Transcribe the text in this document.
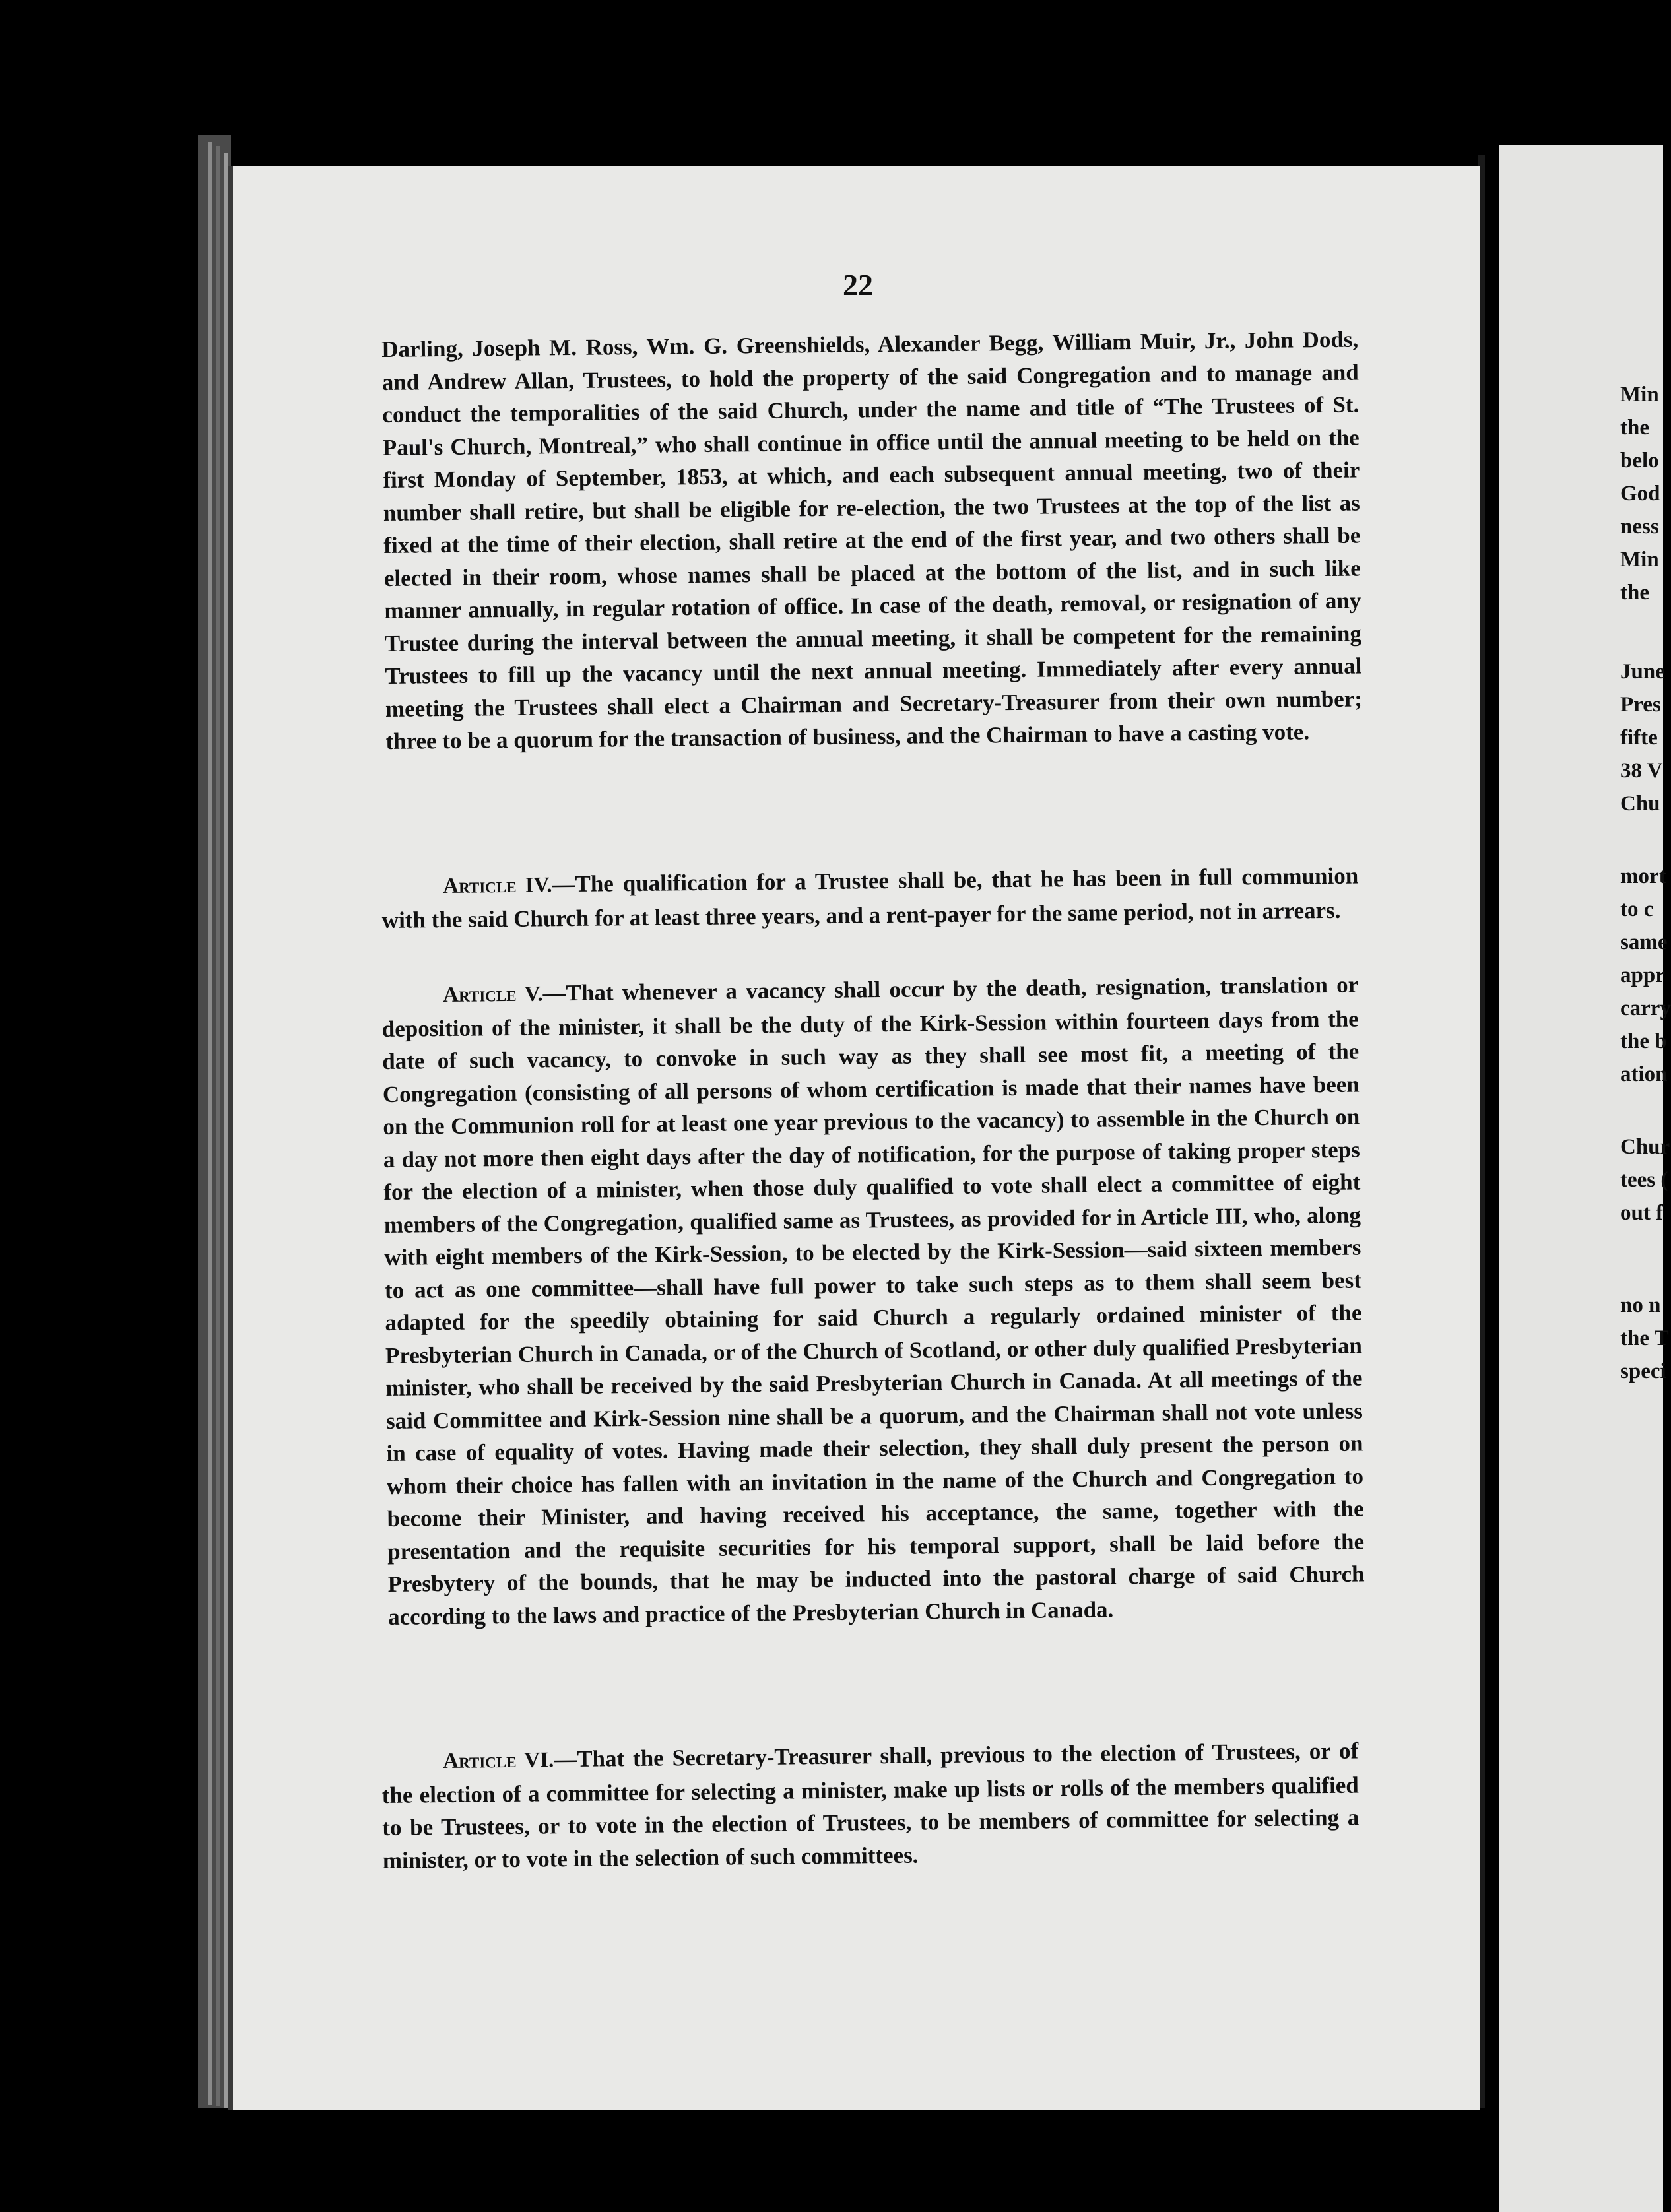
22

Darling, Joseph M. Ross, Wm. G. Greenshields, Alexander Begg, William Muir, Jr., John Dods, and Andrew Allan, Trustees, to hold the property of the said Congregation and to manage and conduct the temporalities of the said Church, under the name and title of “The Trustees of St. Paul's Church, Montreal,” who shall continue in office until the annual meeting to be held on the first Monday of September, 1853, at which, and each subsequent annual meeting, two of their number shall retire, but shall be eligible for re-election, the two Trustees at the top of the list as fixed at the time of their election, shall retire at the end of the first year, and two others shall be elected in their room, whose names shall be placed at the bottom of the list, and in such like manner annually, in regular rotation of office. In case of the death, removal, or resignation of any Trustee during the interval between the annual meeting, it shall be competent for the remaining Trustees to fill up the vacancy until the next annual meeting. Immediately after every annual meeting the Trustees shall elect a Chairman and Secretary-Treasurer from their own number; three to be a quorum for the transaction of business, and the Chairman to have a casting vote.

Article IV.—The qualification for a Trustee shall be, that he has been in full communion with the said Church for at least three years, and a rent-payer for the same period, not in arrears.

Article V.—That whenever a vacancy shall occur by the death, resignation, translation or deposition of the minister, it shall be the duty of the Kirk-Session within fourteen days from the date of such vacancy, to convoke in such way as they shall see most fit, a meeting of the Congregation (consisting of all persons of whom certification is made that their names have been on the Communion roll for at least one year previous to the vacancy) to assemble in the Church on a day not more then eight days after the day of notification, for the purpose of taking proper steps for the election of a minister, when those duly qualified to vote shall elect a committee of eight members of the Congregation, qualified same as Trustees, as provided for in Article III, who, along with eight members of the Kirk-Session, to be elected by the Kirk-Session—said sixteen members to act as one committee—shall have full power to take such steps as to them shall seem best adapted for the speedily obtaining for said Church a regularly ordained minister of the Presbyterian Church in Canada, or of the Church of Scotland, or other duly qualified Presbyterian minister, who shall be received by the said Presbyterian Church in Canada. At all meetings of the said Committee and Kirk-Session nine shall be a quorum, and the Chairman shall not vote unless in case of equality of votes. Having made their selection, they shall duly present the person on whom their choice has fallen with an invitation in the name of the Church and Congregation to become their Minister, and having received his acceptance, the same, together with the presentation and the requisite securities for his temporal support, shall be laid before the Presbytery of the bounds, that he may be inducted into the pastoral charge of said Church according to the laws and practice of the Presbyterian Church in Canada.

Article VI.—That the Secretary-Treasurer shall, previous to the election of Trustees, or of the election of a committee for selecting a minister, make up lists or rolls of the members qualified to be Trustees, or to vote in the election of Trustees, to be members of committee for selecting a minister, or to vote in the selection of such committees.

Min
the
belo
God
ness
Min
the
June
Pres
fifte
38 V
Chu
mort
to c
same
appr
carry
the b
ation
Chur
tees (
out f
no n
the T
speci
